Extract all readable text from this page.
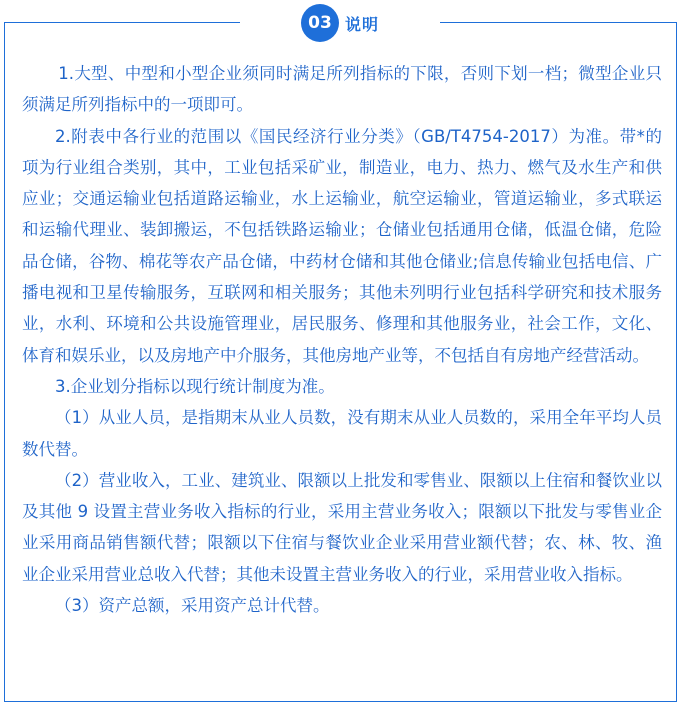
03 说明

1.大型、中型和小型企业须同时满足所列指标的下限，否则下划一档；微型企业只须满足所列指标中的一项即可。

2.附表中各行业的范围以《国民经济行业分类》（GB/T4754-2017）为准。带*的项为行业组合类别，其中，工业包括采矿业，制造业，电力、热力、燃气及水生产和供应业；交通运输业包括道路运输业，水上运输业，航空运输业，管道运输业，多式联运和运输代理业、装卸搬运，不包括铁路运输业；仓储业包括通用仓储，低温仓储，危险品仓储，谷物、棉花等农产品仓储，中药材仓储和其他仓储业;信息传输业包括电信、广播电视和卫星传输服务，互联网和相关服务；其他未列明行业包括科学研究和技术服务业，水利、环境和公共设施管理业，居民服务、修理和其他服务业，社会工作，文化、体育和娱乐业，以及房地产中介服务，其他房地产业等，不包括自有房地产经营活动。

3.企业划分指标以现行统计制度为准。

（1）从业人员，是指期末从业人员数，没有期末从业人员数的，采用全年平均人员数代替。

（2）营业收入，工业、建筑业、限额以上批发和零售业、限额以上住宿和餐饮业以及其他 9 设置主营业务收入指标的行业，采用主营业务收入；限额以下批发与零售业企业采用商品销售额代替；限额以下住宿与餐饮业企业采用营业额代替；农、林、牧、渔业企业采用营业总收入代替；其他未设置主营业务收入的行业，采用营业收入指标。

（3）资产总额，采用资产总计代替。
